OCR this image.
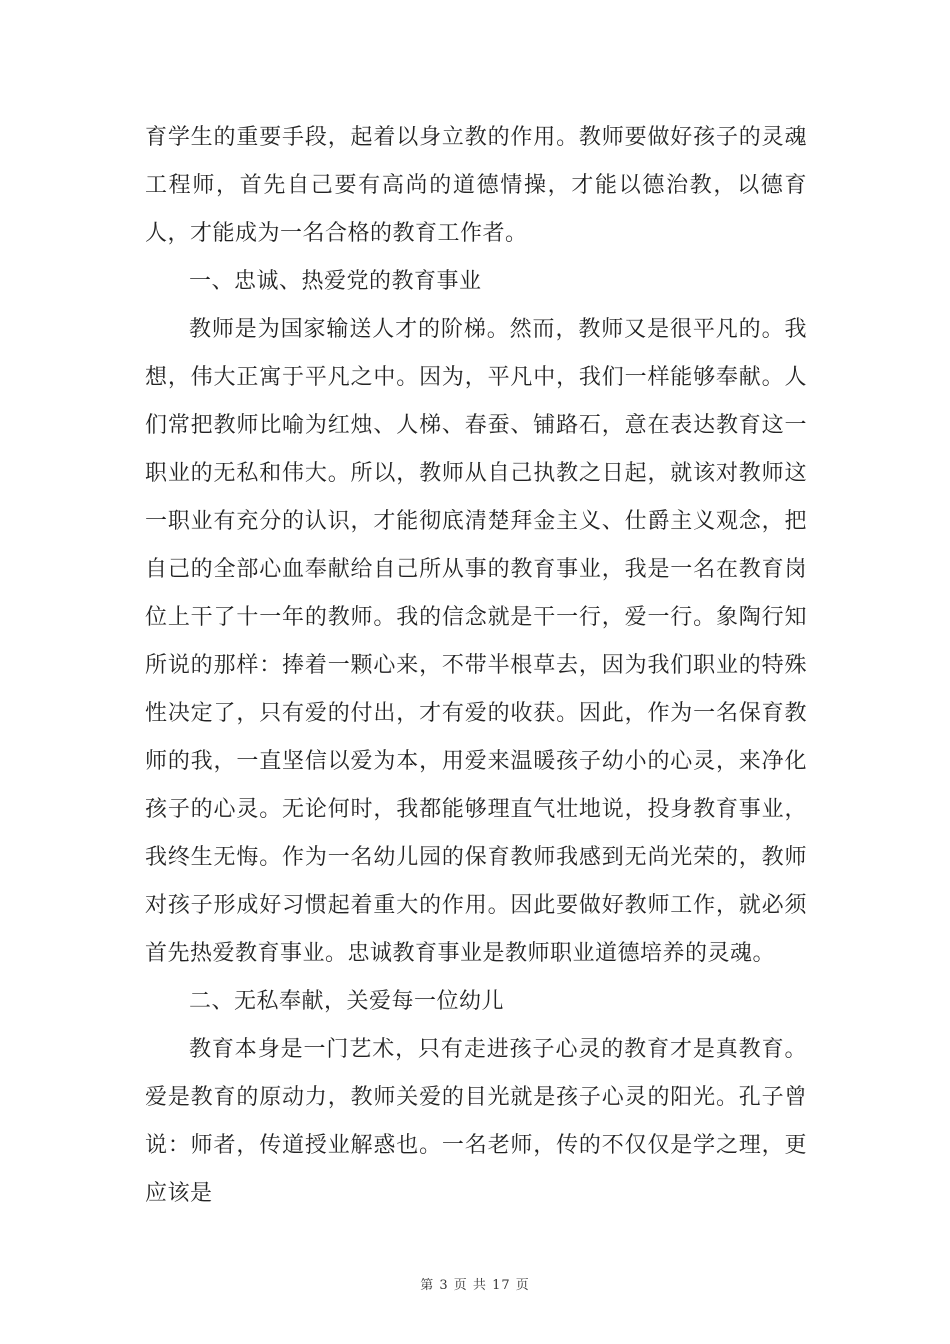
育学生的重要手段，起着以身立教的作用。教师要做好孩子的灵魂工程师，首先自己要有高尚的道德情操，才能以德治教，以德育人，才能成为一名合格的教育工作者。

一、忠诚、热爱党的教育事业

教师是为国家输送人才的阶梯。然而，教师又是很平凡的。我想，伟大正寓于平凡之中。因为，平凡中，我们一样能够奉献。人们常把教师比喻为红烛、人梯、春蚕、铺路石，意在表达教育这一职业的无私和伟大。所以，教师从自己执教之日起，就该对教师这一职业有充分的认识，才能彻底清楚拜金主义、仕爵主义观念，把自己的全部心血奉献给自己所从事的教育事业，我是一名在教育岗位上干了十一年的教师。我的信念就是干一行，爱一行。象陶行知所说的那样：捧着一颗心来，不带半根草去，因为我们职业的特殊性决定了，只有爱的付出，才有爱的收获。因此，作为一名保育教师的我，一直坚信以爱为本，用爱来温暖孩子幼小的心灵，来净化孩子的心灵。无论何时，我都能够理直气壮地说，投身教育事业，我终生无悔。作为一名幼儿园的保育教师我感到无尚光荣的，教师对孩子形成好习惯起着重大的作用。因此要做好教师工作，就必须首先热爱教育事业。忠诚教育事业是教师职业道德培养的灵魂。

二、无私奉献，关爱每一位幼儿

教育本身是一门艺术，只有走进孩子心灵的教育才是真教育。爱是教育的原动力，教师关爱的目光就是孩子心灵的阳光。孔子曾说：师者，传道授业解惑也。一名老师，传的不仅仅是学之理，更应该是

第 3 页 共 17 页
